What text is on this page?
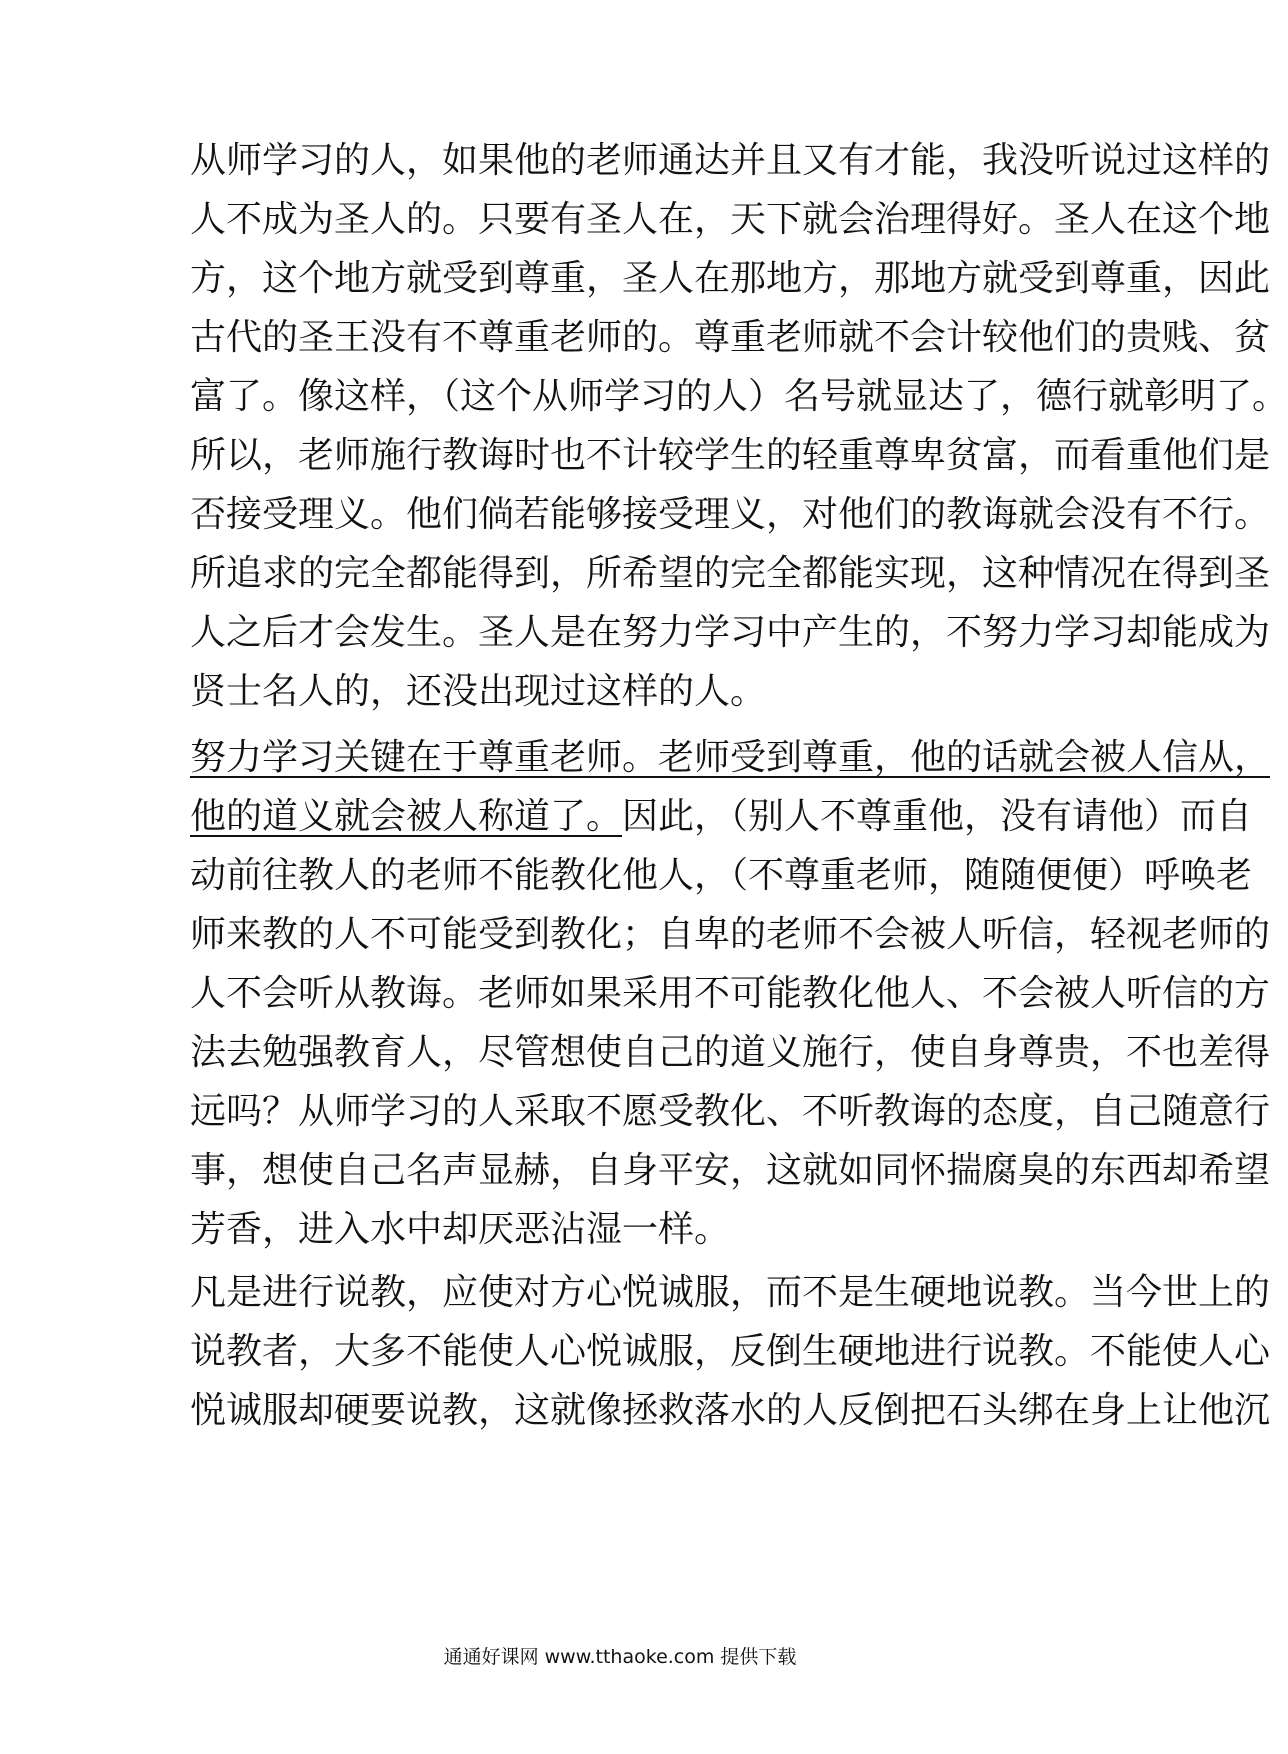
从师学习的人，如果他的老师通达并且又有才能，我没听说过这样的
人不成为圣人的。只要有圣人在，天下就会治理得好。圣人在这个地
方，这个地方就受到尊重，圣人在那地方，那地方就受到尊重，因此
古代的圣王没有不尊重老师的。尊重老师就不会计较他们的贵贱、贫
富了。像这样，（这个从师学习的人）名号就显达了，德行就彰明了。
所以，老师施行教诲时也不计较学生的轻重尊卑贫富，而看重他们是
否接受理义。他们倘若能够接受理义，对他们的教诲就会没有不行。
所追求的完全都能得到，所希望的完全都能实现，这种情况在得到圣
人之后才会发生。圣人是在努力学习中产生的，不努力学习却能成为
贤士名人的，还没出现过这样的人。
努力学习关键在于尊重老师。老师受到尊重，他的话就会被人信从，
他的道义就会被人称道了。因此，（别人不尊重他，没有请他）而自
动前往教人的老师不能教化他人，（不尊重老师，随随便便）呼唤老
师来教的人不可能受到教化；自卑的老师不会被人听信，轻视老师的
人不会听从教诲。老师如果采用不可能教化他人、不会被人听信的方
法去勉强教育人，尽管想使自己的道义施行，使自身尊贵，不也差得
远吗？从师学习的人采取不愿受教化、不听教诲的态度，自己随意行
事，想使自己名声显赫，自身平安，这就如同怀揣腐臭的东西却希望
芳香，进入水中却厌恶沾湿一样。
凡是进行说教，应使对方心悦诚服，而不是生硬地说教。当今世上的
说教者，大多不能使人心悦诚服，反倒生硬地进行说教。不能使人心
悦诚服却硬要说教，这就像拯救落水的人反倒把石头绑在身上让他沉
通通好课网 www.tthaoke.com 提供下载
